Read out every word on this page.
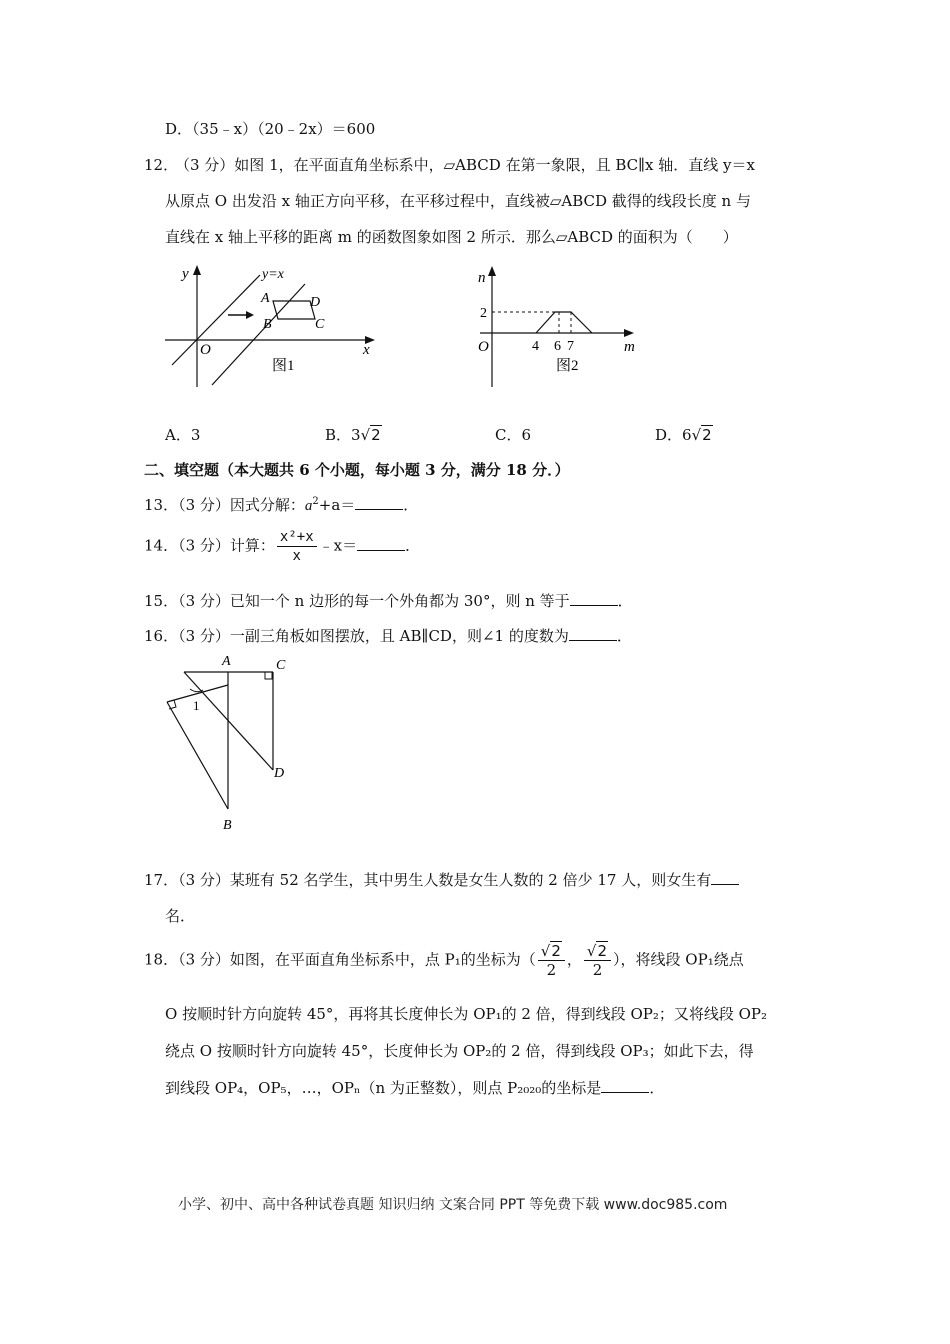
D．（35﹣x）（20﹣2x）＝600
12．
（3 分）如图 1，在平面直角坐标系中，▱ABCD 在第一象限，且 BC∥x 轴．直线 y＝x
从原点 O 出发沿 x 轴正方向平移，在平移过程中，直线被▱ABCD 截得的线段长度 n 与
直线在 x 轴上平移的距离 m 的函数图象如图 2 所示．那么▱ABCD 的面积为（　　）
y	y=x
A	D
B	C
O	x
图1
n
2
O	4 6 7	m
图2
A．3	B．3√2	C．6	D．6√2
二、填空题（本大题共 6 个小题，每小题 3 分，满分 18 分．）
13．（3 分）因式分解：$a^2+a=$	．
14．（3 分）计算： $\frac{\text{x²+x}}{x}$ ﹣x＝	．
15．（3 分）已知一个 n 边形的每一个外角都为 30°，则 n 等于	．
16．（3 分）一副三角板如图摆放，且 AB∥CD，则∠1 的度数为	．
A	C
1
D
B
17．（3 分）某班有 52 名学生，其中男生人数是女生人数的 2 倍少 17 人，则女生有
名．
18．（3 分）如图，在平面直角坐标系中，点 P₁的坐标为（ $\frac{√2}{2}$ ， $\frac{√2}{2}$ ），将线段 OP₁绕点
O 按顺时针方向旋转 45°，再将其长度伸长为 OP₁的 2 倍，得到线段 OP₂；又将线段 OP₂
绕点 O 按顺时针方向旋转 45°，长度伸长为 OP₂的 2 倍，得到线段 OP₃；如此下去，得
到线段 OP₄，OP₅，…，OPₙ（n 为正整数），则点 P₂₀₂₀的坐标是	．
小学、初中、高中各种试卷真题 知识归纳 文案合同 PPT 等免费下载 www.doc985.com
